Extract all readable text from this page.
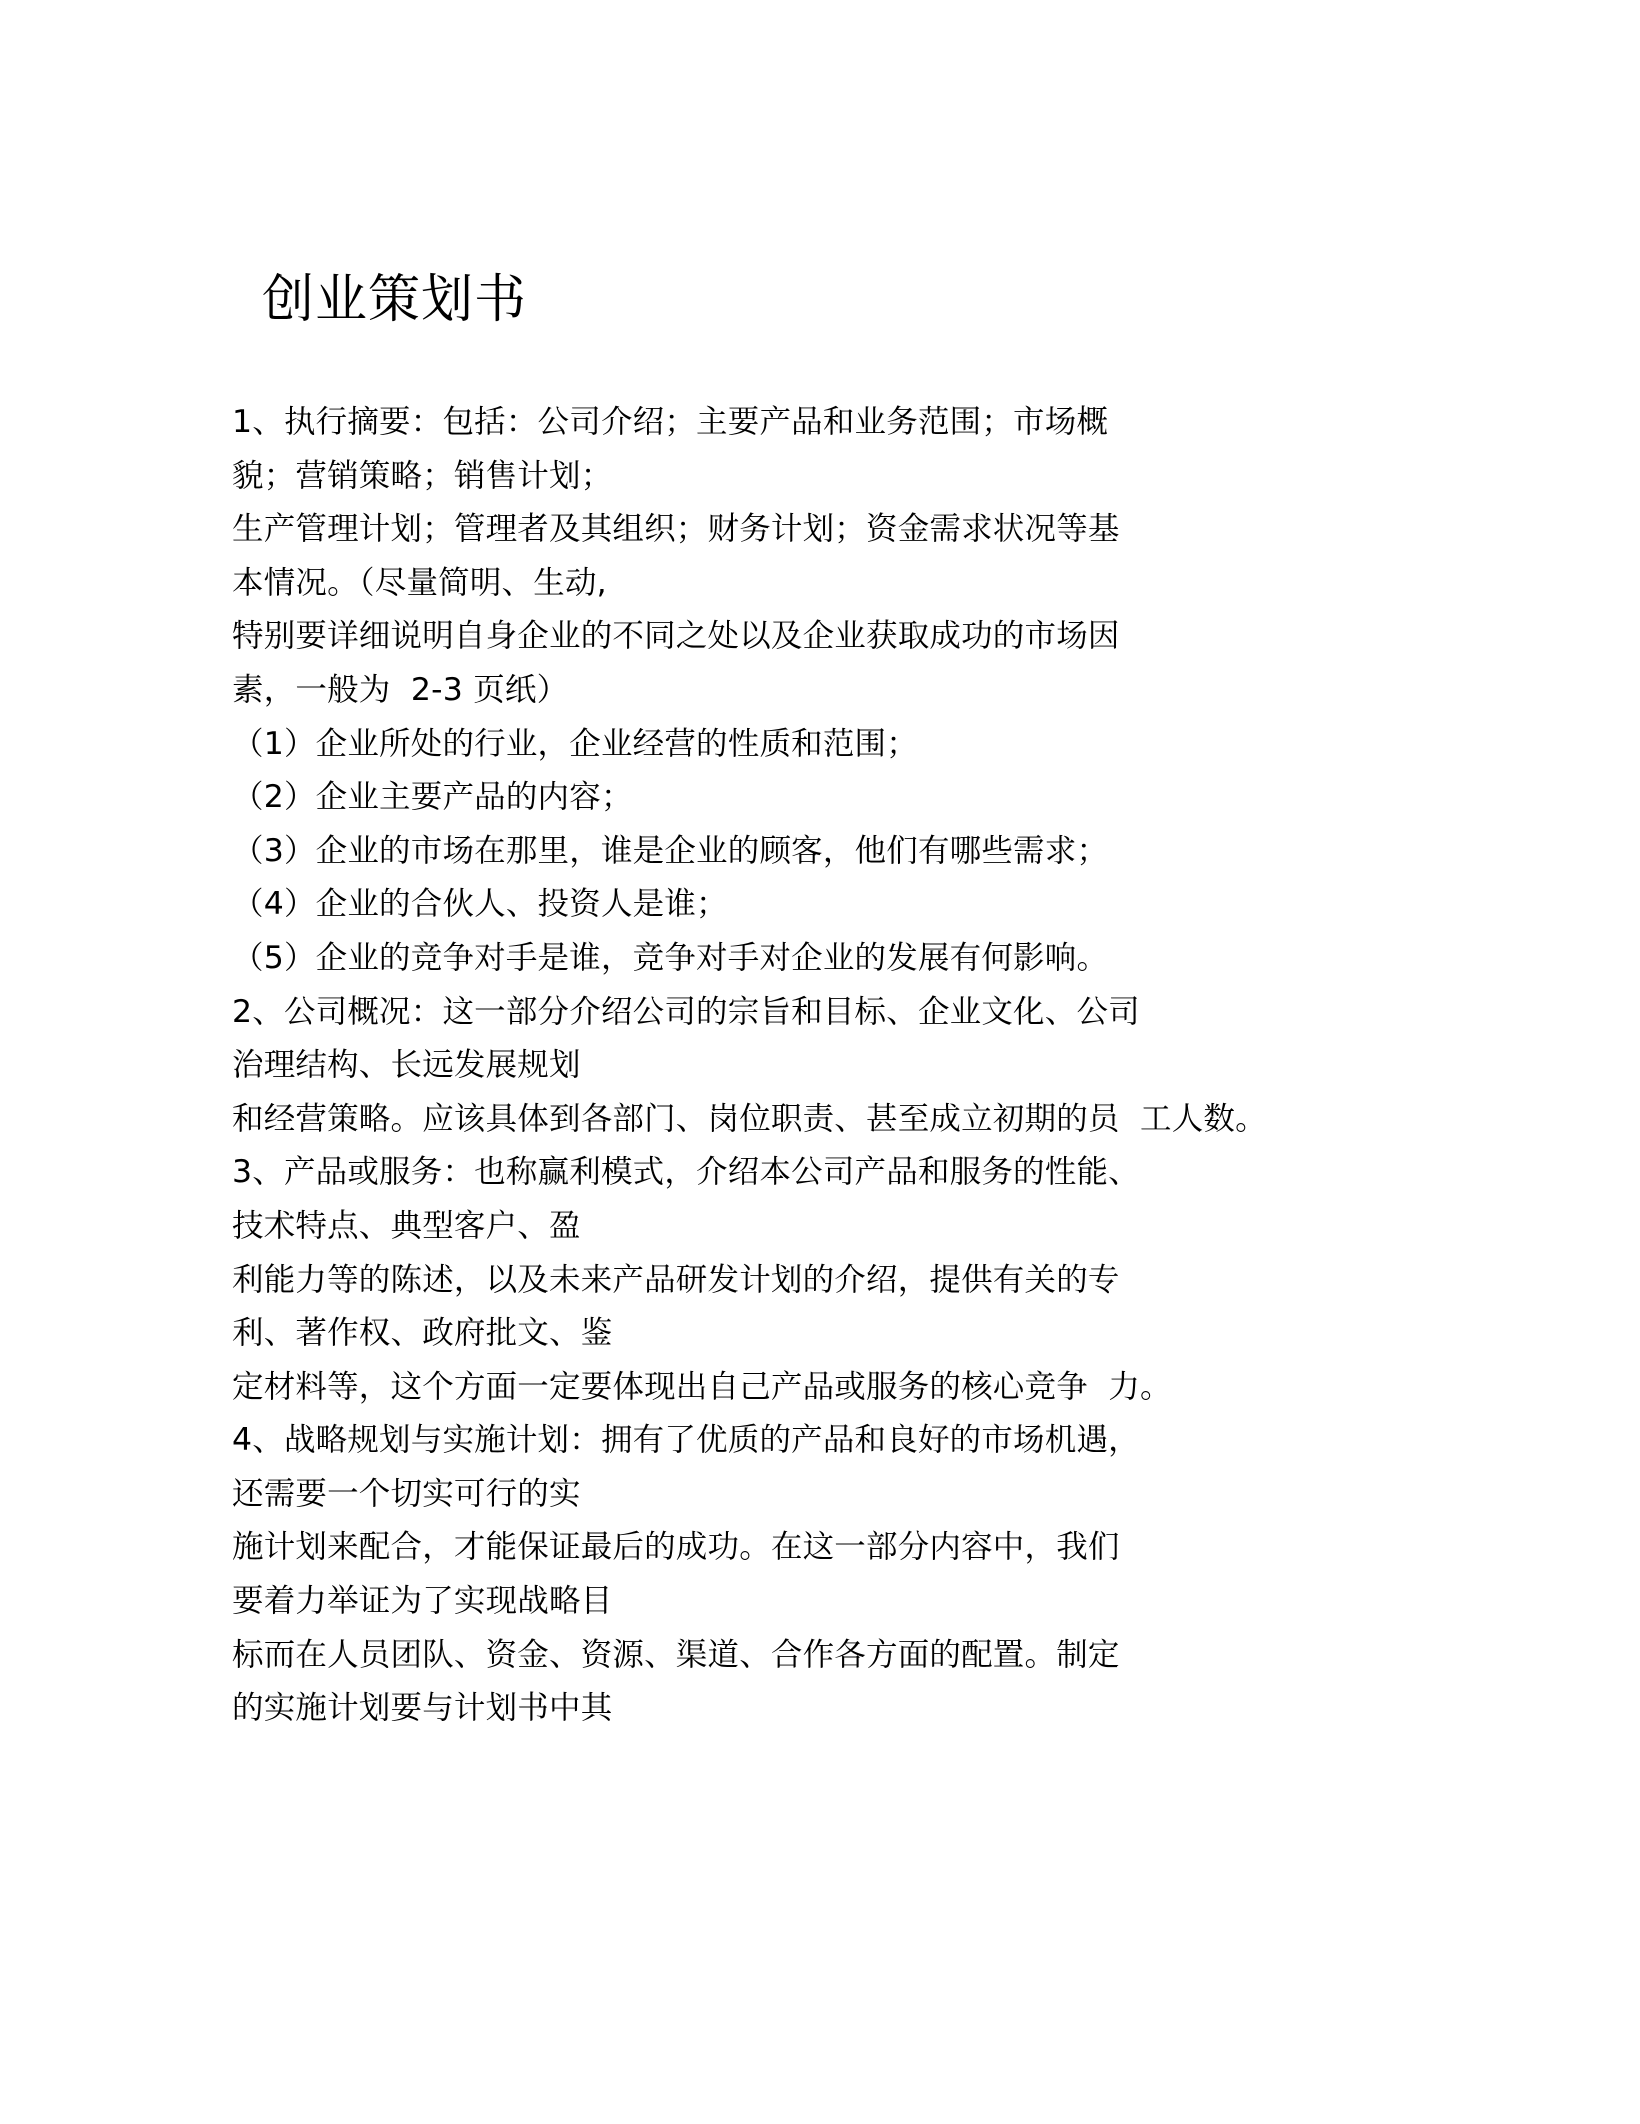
创业策划书
1、执行摘要：包括：公司介绍；主要产品和业务范围；市场概
貌；营销策略；销售计划；
生产管理计划；管理者及其组织；财务计划；资金需求状况等基
本情况。（尽量简明、生动,
特别要详细说明自身企业的不同之处以及企业获取成功的市场因
素，一般为  2-3 页纸）
（1）企业所处的行业，企业经营的性质和范围；
（2）企业主要产品的内容；
（3）企业的市场在那里，谁是企业的顾客，他们有哪些需求；
（4）企业的合伙人、投资人是谁；
（5）企业的竞争对手是谁，竞争对手对企业的发展有何影响。
2、公司概况：这一部分介绍公司的宗旨和目标、企业文化、公司
治理结构、长远发展规划
和经营策略。应该具体到各部门、岗位职责、甚至成立初期的员  工人数。
3、产品或服务：也称赢利模式，介绍本公司产品和服务的性能、
技术特点、典型客户、盈
利能力等的陈述，以及未来产品研发计划的介绍，提供有关的专
利、著作权、政府批文、鉴
定材料等，这个方面一定要体现出自己产品或服务的核心竞争  力。
4、战略规划与实施计划：拥有了优质的产品和良好的市场机遇，
还需要一个切实可行的实
施计划来配合，才能保证最后的成功。在这一部分内容中，我们
要着力举证为了实现战略目
标而在人员团队、资金、资源、渠道、合作各方面的配置。制定
的实施计划要与计划书中其
